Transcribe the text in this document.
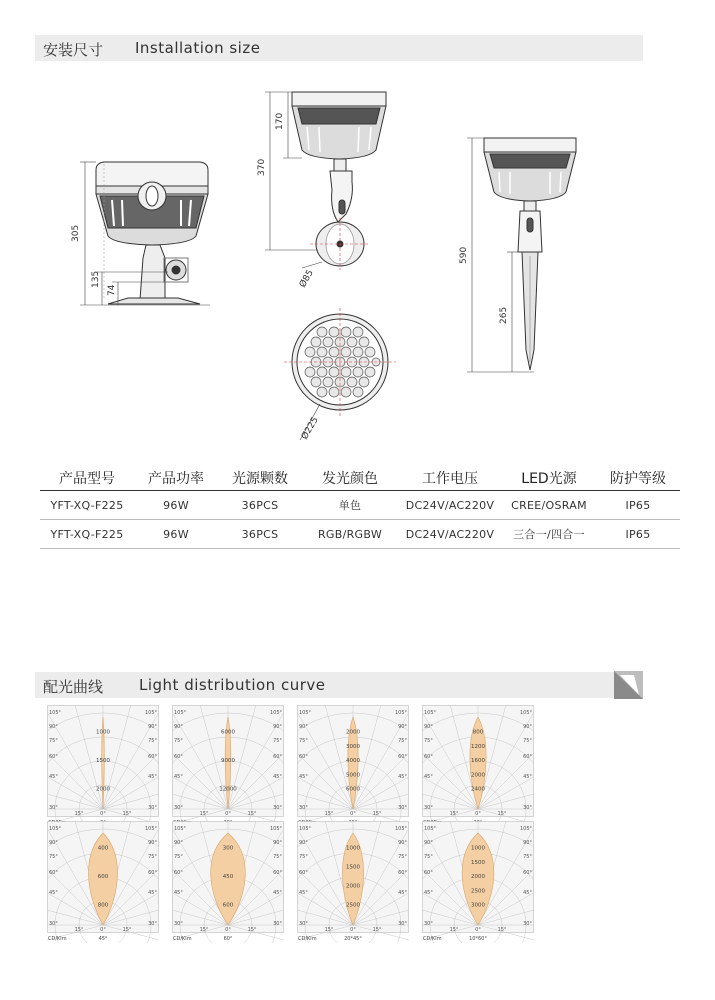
安装尺寸 Installation size
305
135
74
370
170
Ø85
Ø225
590
265
产品型号	产品功率	光源颗数	发光颜色	工作电压	LED光源	防护等级
YFT-XQ-F225	96W	36PCS	单色	DC24V/AC220V	CREE/OSRAM	IP65
YFT-XQ-F225	96W	36PCS	RGB/RGBW	DC24V/AC220V	三合一/四合一	IP65
配光曲线 Light distribution curve
105°	105°
90°	90°
75°	75°
60°	60°
45°	45°
30°	30°
15°	0°	15°
1000
1500
2000
105°	105°
90°	90°
75°	75°
60°	60°
45°	45°
30°	30°
15°	0°	15°
6000
9000
12000
105°	105°
90°	90°
75°	75°
60°	60°
45°	45°
30°	30°
15°	0°	15°
2000
3000
4000
5000
6000
105°	105°
90°	90°
75°	75°
60°	60°
45°	45°
30°	30°
15°	0°	15°
800
1200
1600
2000
2400
105°	105°
90°	90°
75°	75°
60°	60°
45°	45°
30°	30°
15°	0°	15°
400
600
800
CD/Klm	45°
105°	105°
90°	90°
75°	75°
60°	60°
45°	45°
30°	30°
15°	0°	15°
300
450
600
CD/Klm	60°
105°	105°
90°	90°
75°	75°
60°	60°
45°	45°
30°	30°
15°	0°	15°
1000
1500
2000
2500
CD/Klm	20*45°
105°	105°
90°	90°
75°	75°
60°	60°
45°	45°
30°	30°
15°	0°	15°
1000
1500
2000
2500
3000
CD/Klm	10*60°
